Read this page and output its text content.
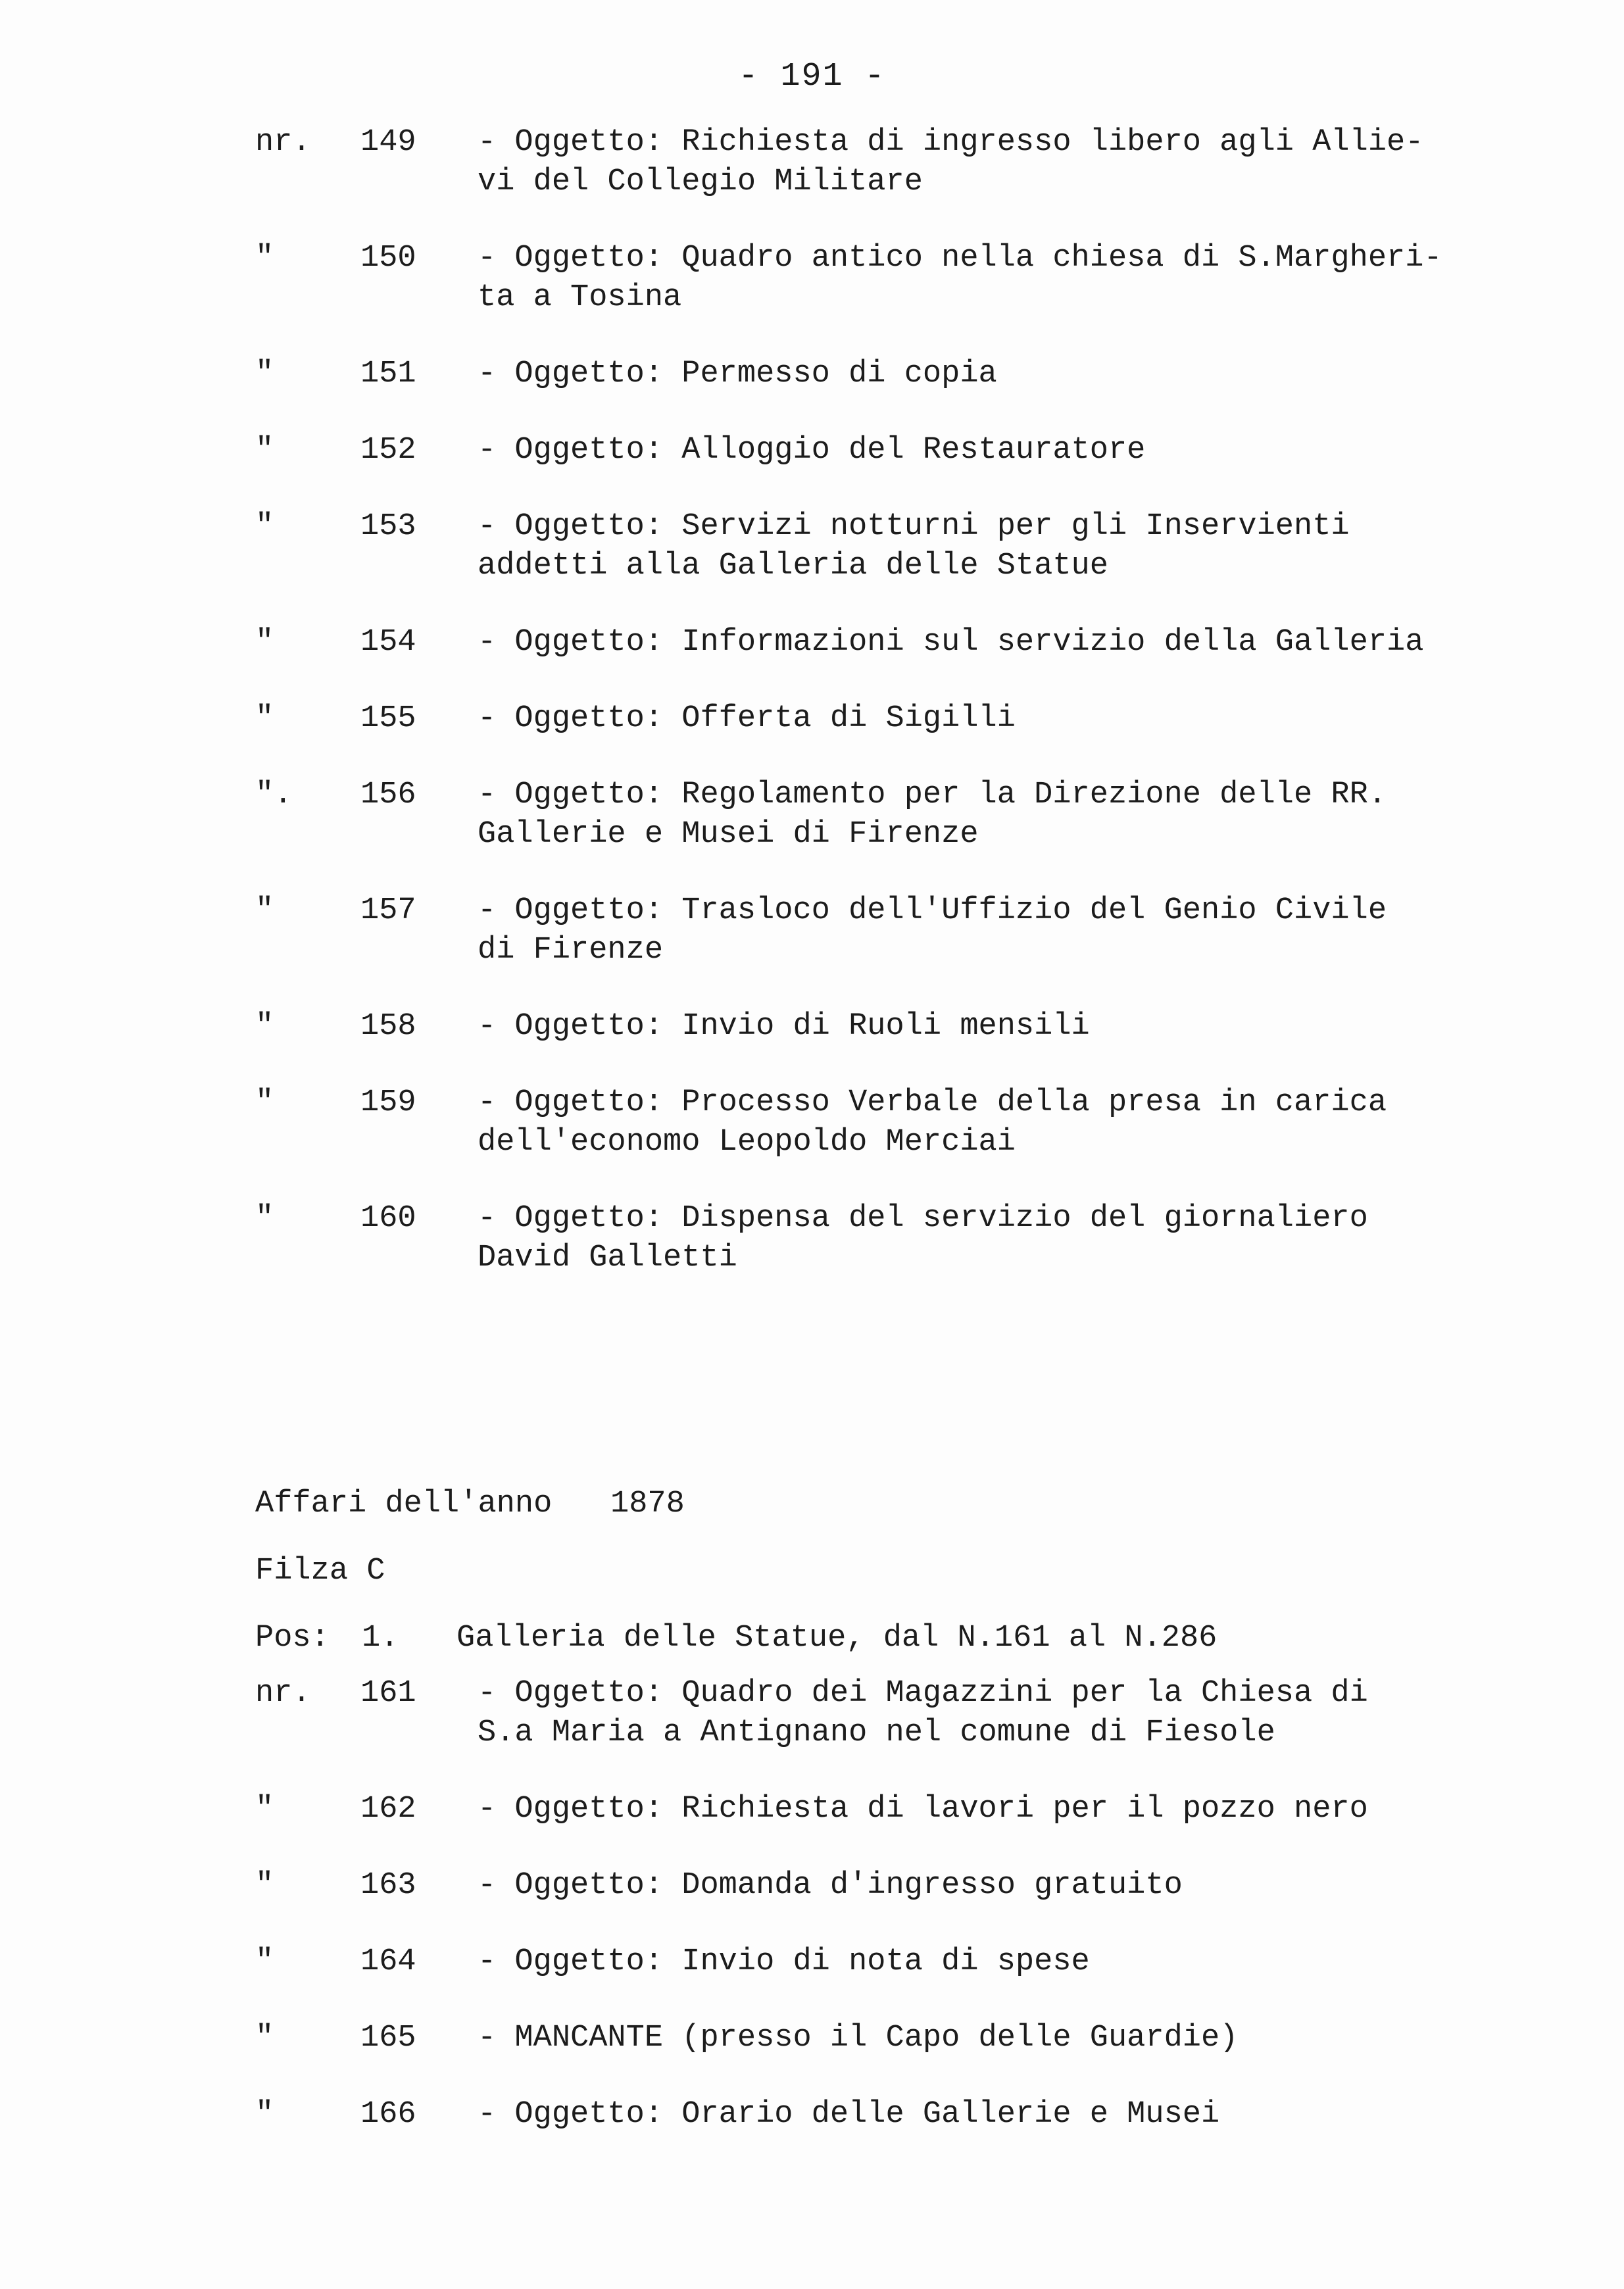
- 191 -
nr. 149 - Oggetto: Richiesta di ingresso libero agli Allie-
vi del Collegio Militare
"	150 - Oggetto: Quadro antico nella chiesa di S.Margheri-
ta a Tosina
"	151 - Oggetto: Permesso di copia
"	152 - Oggetto: Alloggio del Restauratore
"	153 - Oggetto: Servizi notturni per gli Inservienti
addetti alla Galleria delle Statue
"	154 - Oggetto: Informazioni sul servizio della Galleria
"	155 - Oggetto: Offerta di Sigilli
". 156 - Oggetto: Regolamento per la Direzione delle RR.
Gallerie e Musei di Firenze
"	157 - Oggetto: Trasloco dell'Uffizio del Genio Civile
di Firenze
"	158 - Oggetto: Invio di Ruoli mensili
"	159 - Oggetto: Processo Verbale della presa in carica
dell'economo Leopoldo Merciai
"	160 - Oggetto: Dispensa del servizio del giornaliero
David Galletti
Affari dell'anno 1878
Filza C
Pos: 1. Galleria delle Statue, dal N.161 al N.286
nr. 161 - Oggetto: Quadro dei Magazzini per la Chiesa di
S.a Maria a Antignano nel comune di Fiesole
"	162 - Oggetto: Richiesta di lavori per il pozzo nero
"	163 - Oggetto: Domanda d'ingresso gratuito
"	164 - Oggetto: Invio di nota di spese
"	165 - MANCANTE (presso il Capo delle Guardie)
"	166 - Oggetto: Orario delle Gallerie e Musei
